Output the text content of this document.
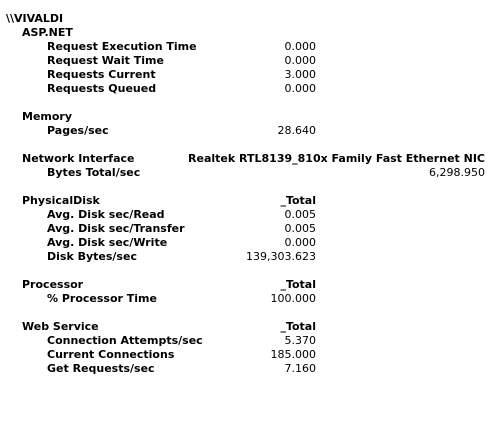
\\VIVALDI
ASP.NET
Request Execution Time	0.000
Request Wait Time	0.000
Requests Current	3.000
Requests Queued	0.000
Memory
Pages/sec	28.640
Network Interface	Realtek RTL8139_810x Family Fast Ethernet NIC
Bytes Total/sec	6,298.950
PhysicalDisk	_Total
Avg. Disk sec/Read	0.005
Avg. Disk sec/Transfer	0.005
Avg. Disk sec/Write	0.000
Disk Bytes/sec	139,303.623
Processor	_Total
% Processor Time	100.000
Web Service	_Total
Connection Attempts/sec	5.370
Current Connections	185.000
Get Requests/sec	7.160
